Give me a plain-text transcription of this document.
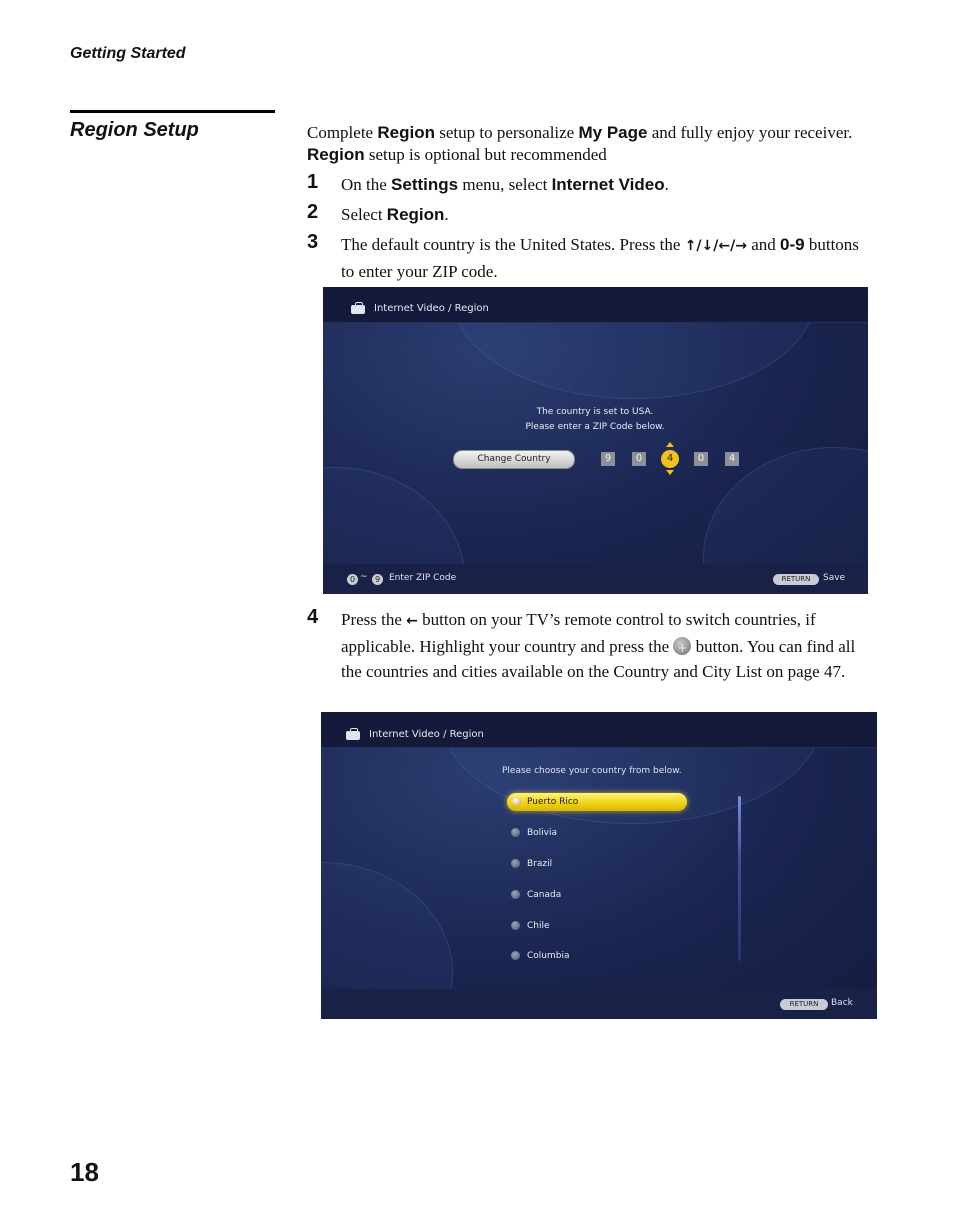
Getting Started
Region Setup	Complete Region setup to personalize My Page and fully enjoy your receiver. Region setup is optional but recommended
1 On the Settings menu, select Internet Video.
2 Select Region.
3 The default country is the United States. Press the ↑/↓/←/→ and 0-9 buttons to enter your ZIP code.
Internet Video / Region
The country is set to USA.
Please enter a ZIP Code below.
Change Country	9	0	4	0	4
0 ~ 9 Enter ZIP Code	RETURN	Save
4 Press the ← button on your TV’s remote control to switch countries, if applicable. Highlight your country and press the + button. You can find all the countries and cities available on the Country and City List on page 47.
Internet Video / Region
Please choose your country from below.
Puerto Rico
Bolivia
Brazil
Canada
Chile
Columbia
RETURN	Back
18
